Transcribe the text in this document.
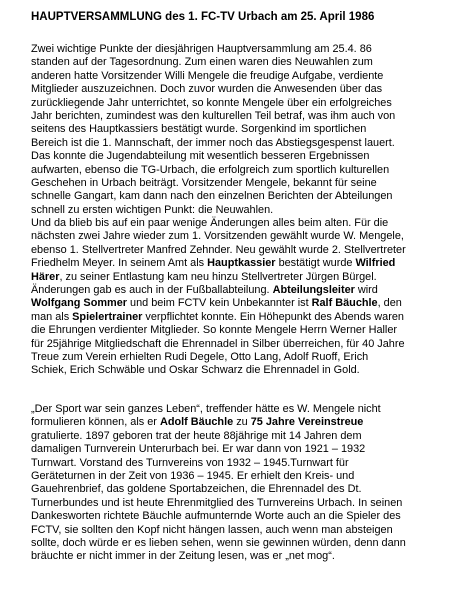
HAUPTVERSAMMLUNG des 1. FC-TV Urbach am 25. April 1986
Zwei wichtige Punkte der diesjährigen Hauptversammlung am 25.4. 86
standen auf der Tagesordnung. Zum einen waren dies Neuwahlen zum
anderen hatte Vorsitzender Willi Mengele die freudige Aufgabe, verdiente
Mitglieder auszuzeichnen. Doch zuvor wurden die Anwesenden über das
zurückliegende Jahr unterrichtet, so konnte Mengele über ein erfolgreiches
Jahr berichten, zumindest was den kulturellen Teil betraf, was ihm auch von
seitens des Hauptkassiers bestätigt wurde. Sorgenkind im sportlichen
Bereich ist die 1. Mannschaft, der immer noch das Abstiegsgespenst lauert.
Das konnte die Jugendabteilung mit wesentlich besseren Ergebnissen
aufwarten, ebenso die TG-Urbach, die erfolgreich zum sportlich kulturellen
Geschehen in Urbach beiträgt. Vorsitzender Mengele, bekannt für seine
schnelle Gangart, kam dann nach den einzelnen Berichten der Abteilungen
schnell zu ersten wichtigen Punkt: die Neuwahlen.
Und da blieb bis auf ein paar wenige Änderungen alles beim alten. Für die
nächsten zwei Jahre wieder zum 1. Vorsitzenden gewählt wurde W. Mengele,
ebenso 1. Stellvertreter Manfred Zehnder. Neu gewählt wurde 2. Stellvertreter
Friedhelm Meyer. In seinem Amt als Hauptkassier bestätigt wurde Wilfried
Härer, zu seiner Entlastung kam neu hinzu Stellvertreter Jürgen Bürgel.
Änderungen gab es auch in der Fußballabteilung. Abteilungsleiter wird
Wolfgang Sommer und beim FCTV kein Unbekannter ist Ralf Bäuchle, den
man als Spielertrainer verpflichtet konnte. Ein Höhepunkt des Abends waren
die Ehrungen verdienter Mitglieder. So konnte Mengele Herrn Werner Haller
für 25jährige Mitgliedschaft die Ehrennadel in Silber überreichen, für 40 Jahre
Treue zum Verein erhielten Rudi Degele, Otto Lang, Adolf Ruoff, Erich
Schiek, Erich Schwäble und Oskar Schwarz die Ehrennadel in Gold.
„Der Sport war sein ganzes Leben“, treffender hätte es W. Mengele nicht
formulieren können, als er Adolf Bäuchle zu 75 Jahre Vereinstreue
gratulierte. 1897 geboren trat der heute 88jährige mit 14 Jahren dem
damaligen Turnverein Unterurbach bei. Er war dann von 1921 – 1932
Turnwart. Vorstand des Turnvereins von 1932 – 1945.Turnwart für
Geräteturnen in der Zeit von 1936 – 1945. Er erhielt den Kreis- und
Gauehrenbrief, das goldene Sportabzeichen, die Ehrennadel des Dt.
Turnerbundes und ist heute Ehrenmitglied des Turnvereins Urbach. In seinen
Dankesworten richtete Bäuchle aufmunternde Worte auch an die Spieler des
FCTV, sie sollten den Kopf nicht hängen lassen, auch wenn man absteigen
sollte, doch würde er es lieben sehen, wenn sie gewinnen würden, denn dann
bräuchte er nicht immer in der Zeitung lesen, was er „net mog“.
